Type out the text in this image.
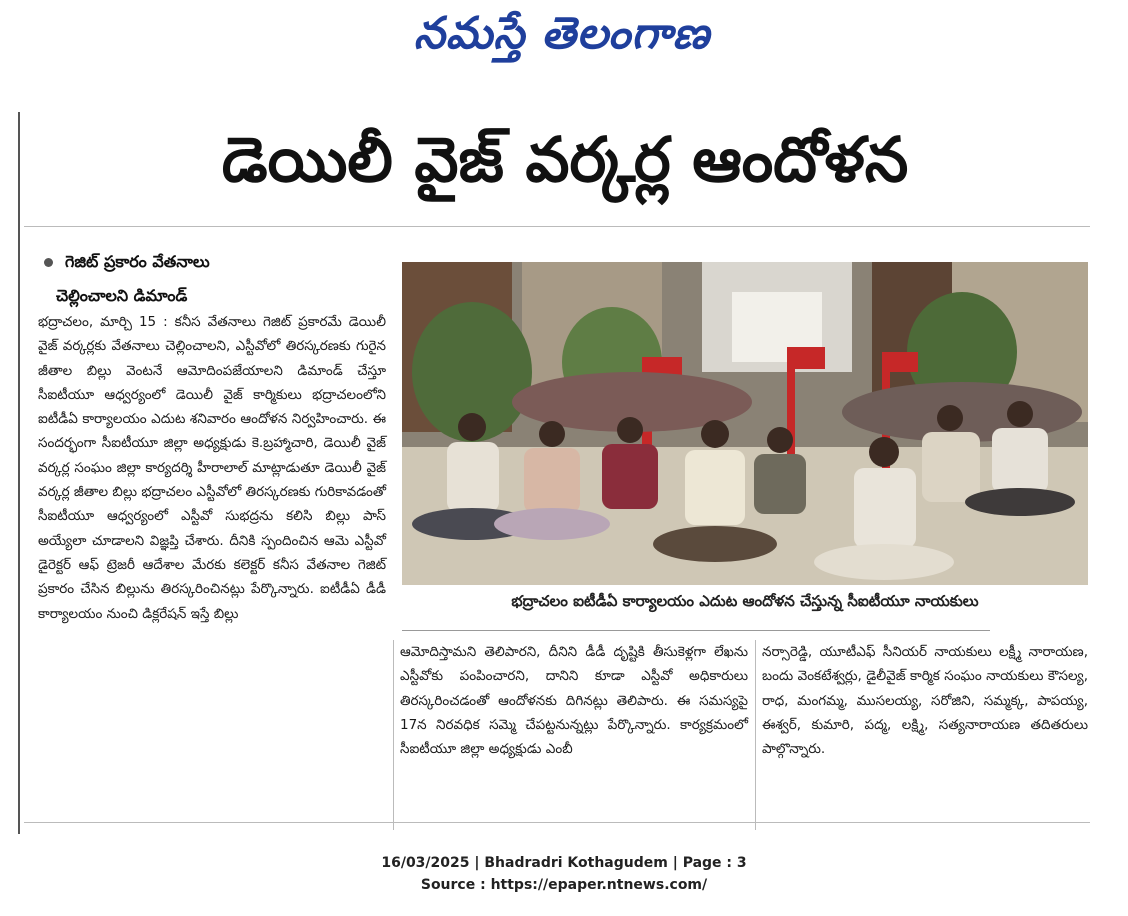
నమస్తే తెలంగాణ
డెయిలీ వైజ్ వర్కర్ల ఆందోళన
గెజిట్ ప్రకారం వేతనాలు
చెల్లించాలని డిమాండ్
భద్రాచలం, మార్చి 15 : కనీస వేతనాలు గెజిట్ ప్రకారమే డెయిలీ వైజ్ వర్కర్లకు వేతనాలు చెల్లించాలని, ఎస్టీవోలో తిరస్కరణకు గురైన జీతాల బిల్లు వెంటనే ఆమోదింపజేయాలని డిమాండ్ చేస్తూ సీఐటీయూ ఆధ్వర్యంలో డెయిలీ వైజ్ కార్మికులు భద్రాచలంలోని ఐటీడీఏ కార్యాలయం ఎదుట శనివారం ఆందోళన నిర్వహించారు. ఈ సందర్భంగా సీఐటీయూ జిల్లా అధ్యక్షుడు కె.బ్రహ్మాచారి, డెయిలీ వైజ్ వర్కర్ల సంఘం జిల్లా కార్యదర్శి హీరాలాల్ మాట్లాడుతూ డెయిలీ వైజ్ వర్కర్ల జీతాల బిల్లు భద్రాచలం ఎస్టీవోలో తిరస్కరణకు గురికావడంతో సీఐటీయూ ఆధ్వర్యంలో ఎస్టీవో సుభద్రను కలిసి బిల్లు పాస్ అయ్యేలా చూడాలని విజ్ఞప్తి చేశారు. దీనికి స్పందించిన ఆమె ఎస్టీవో డైరెక్టర్ ఆఫ్ ట్రెజరీ ఆదేశాల మేరకు కలెక్టర్ కనీస వేతనాల గెజిట్ ప్రకారం చేసిన బిల్లును తిరస్కరించినట్లు పేర్కొన్నారు. ఐటీడీఏ డీడీ కార్యాలయం నుంచి డిక్లరేషన్ ఇస్తే బిల్లు
భద్రాచలం ఐటీడీఏ కార్యాలయం ఎదుట ఆందోళన చేస్తున్న సీఐటీయూ నాయకులు
ఆమోదిస్తామని తెలిపారని, దీనిని డీడీ దృష్టికి తీసుకెళ్లగా లేఖను ఎస్టీవోకు పంపించారని, దానిని కూడా ఎస్టీవో అధికారులు తిరస్కరించడంతో ఆందోళనకు దిగినట్లు తెలిపారు. ఈ సమస్యపై 17న నిరవధిక సమ్మె చేపట్టనున్నట్లు పేర్కొన్నారు. కార్యక్రమంలో సీఐటీయూ జిల్లా అధ్యక్షుడు ఎంబీ
నర్సారెడ్డి, యూటీఎఫ్ సీనియర్ నాయకులు లక్ష్మీ నారాయణ, బందు వెంకటేశ్వర్లు, డైలీవైజ్ కార్మిక సంఘం నాయకులు కౌసల్య, రాధ, మంగమ్మ, ముసలయ్య, సరోజిని, సమ్మక్క, పాపయ్య, ఈశ్వర్, కుమారి, పద్మ, లక్ష్మి, సత్యనారాయణ తదితరులు పాల్గొన్నారు.
16/03/2025 | Bhadradri Kothagudem | Page : 3
Source : https://epaper.ntnews.com/
